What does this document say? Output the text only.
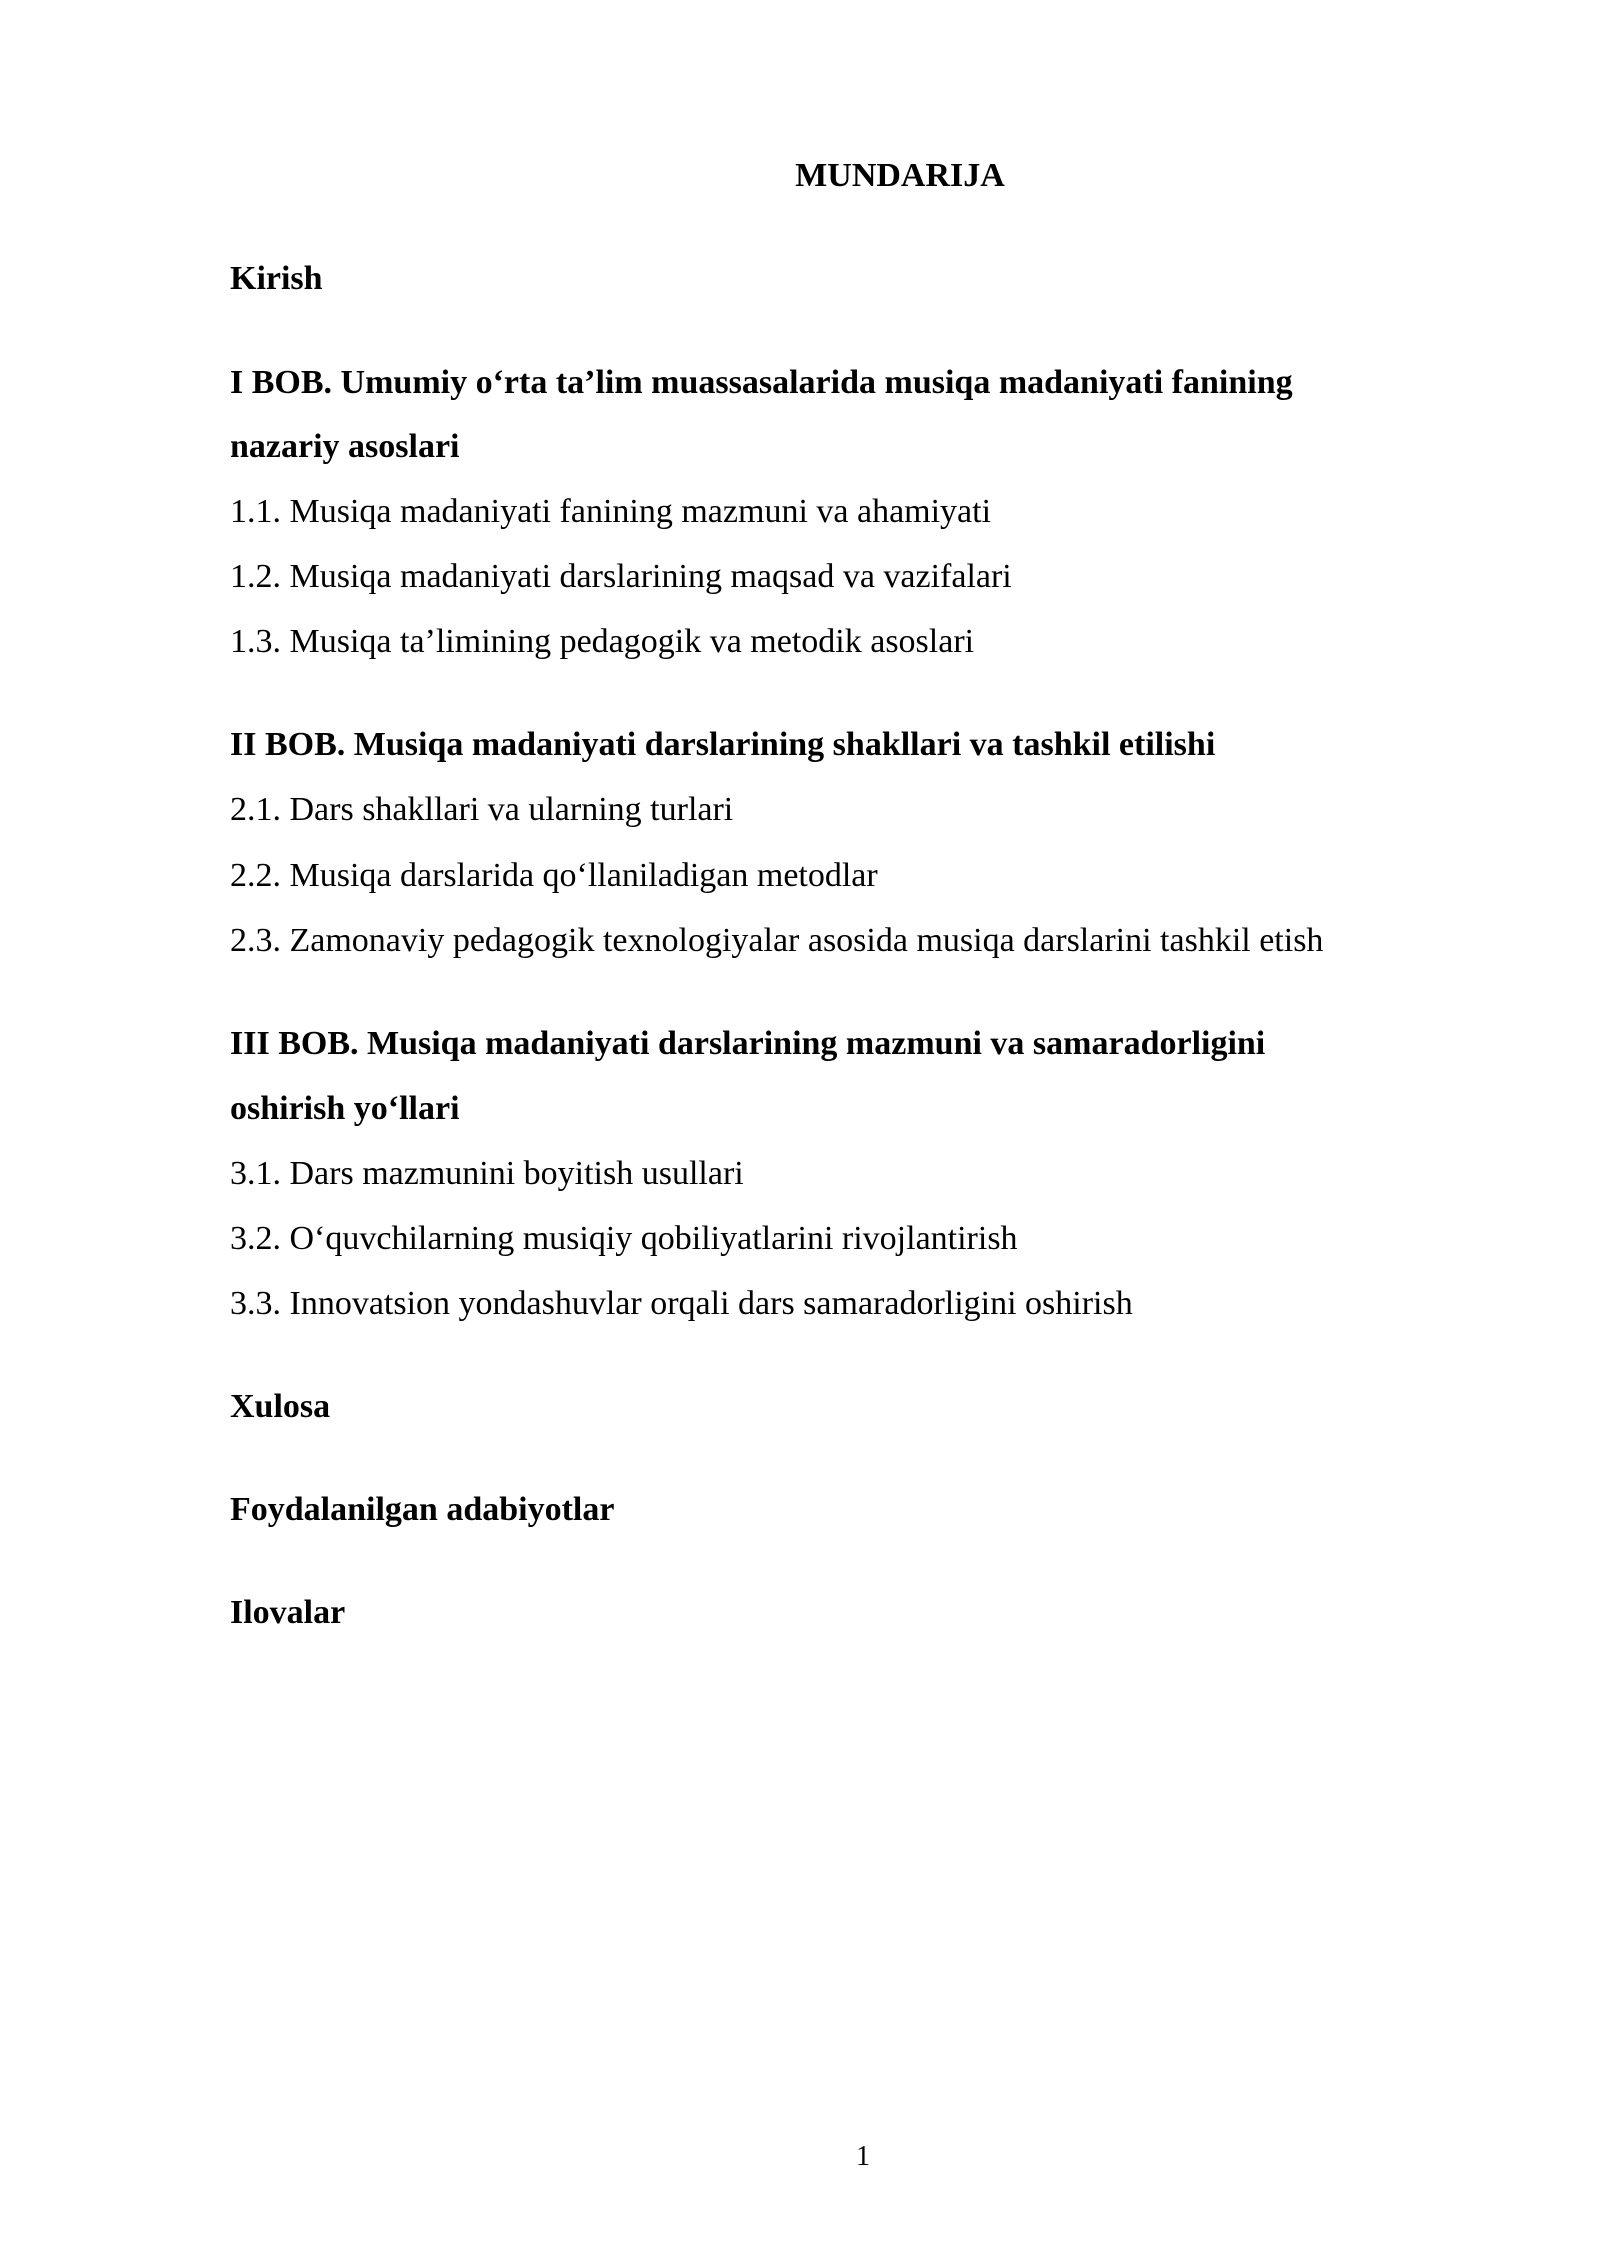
MUNDARIJA
Kirish
I BOB. Umumiy o‘rta ta’lim muassasalarida musiqa madaniyati fanining
nazariy asoslari
1.1. Musiqa madaniyati fanining mazmuni va ahamiyati
1.2. Musiqa madaniyati darslarining maqsad va vazifalari
1.3. Musiqa ta’limining pedagogik va metodik asoslari
II BOB. Musiqa madaniyati darslarining shakllari va tashkil etilishi
2.1. Dars shakllari va ularning turlari
2.2. Musiqa darslarida qo‘llaniladigan metodlar
2.3. Zamonaviy pedagogik texnologiyalar asosida musiqa darslarini tashkil etish
III BOB. Musiqa madaniyati darslarining mazmuni va samaradorligini
oshirish yo‘llari
3.1. Dars mazmunini boyitish usullari
3.2. O‘quvchilarning musiqiy qobiliyatlarini rivojlantirish
3.3. Innovatsion yondashuvlar orqali dars samaradorligini oshirish
Xulosa
Foydalanilgan adabiyotlar
Ilovalar
1
